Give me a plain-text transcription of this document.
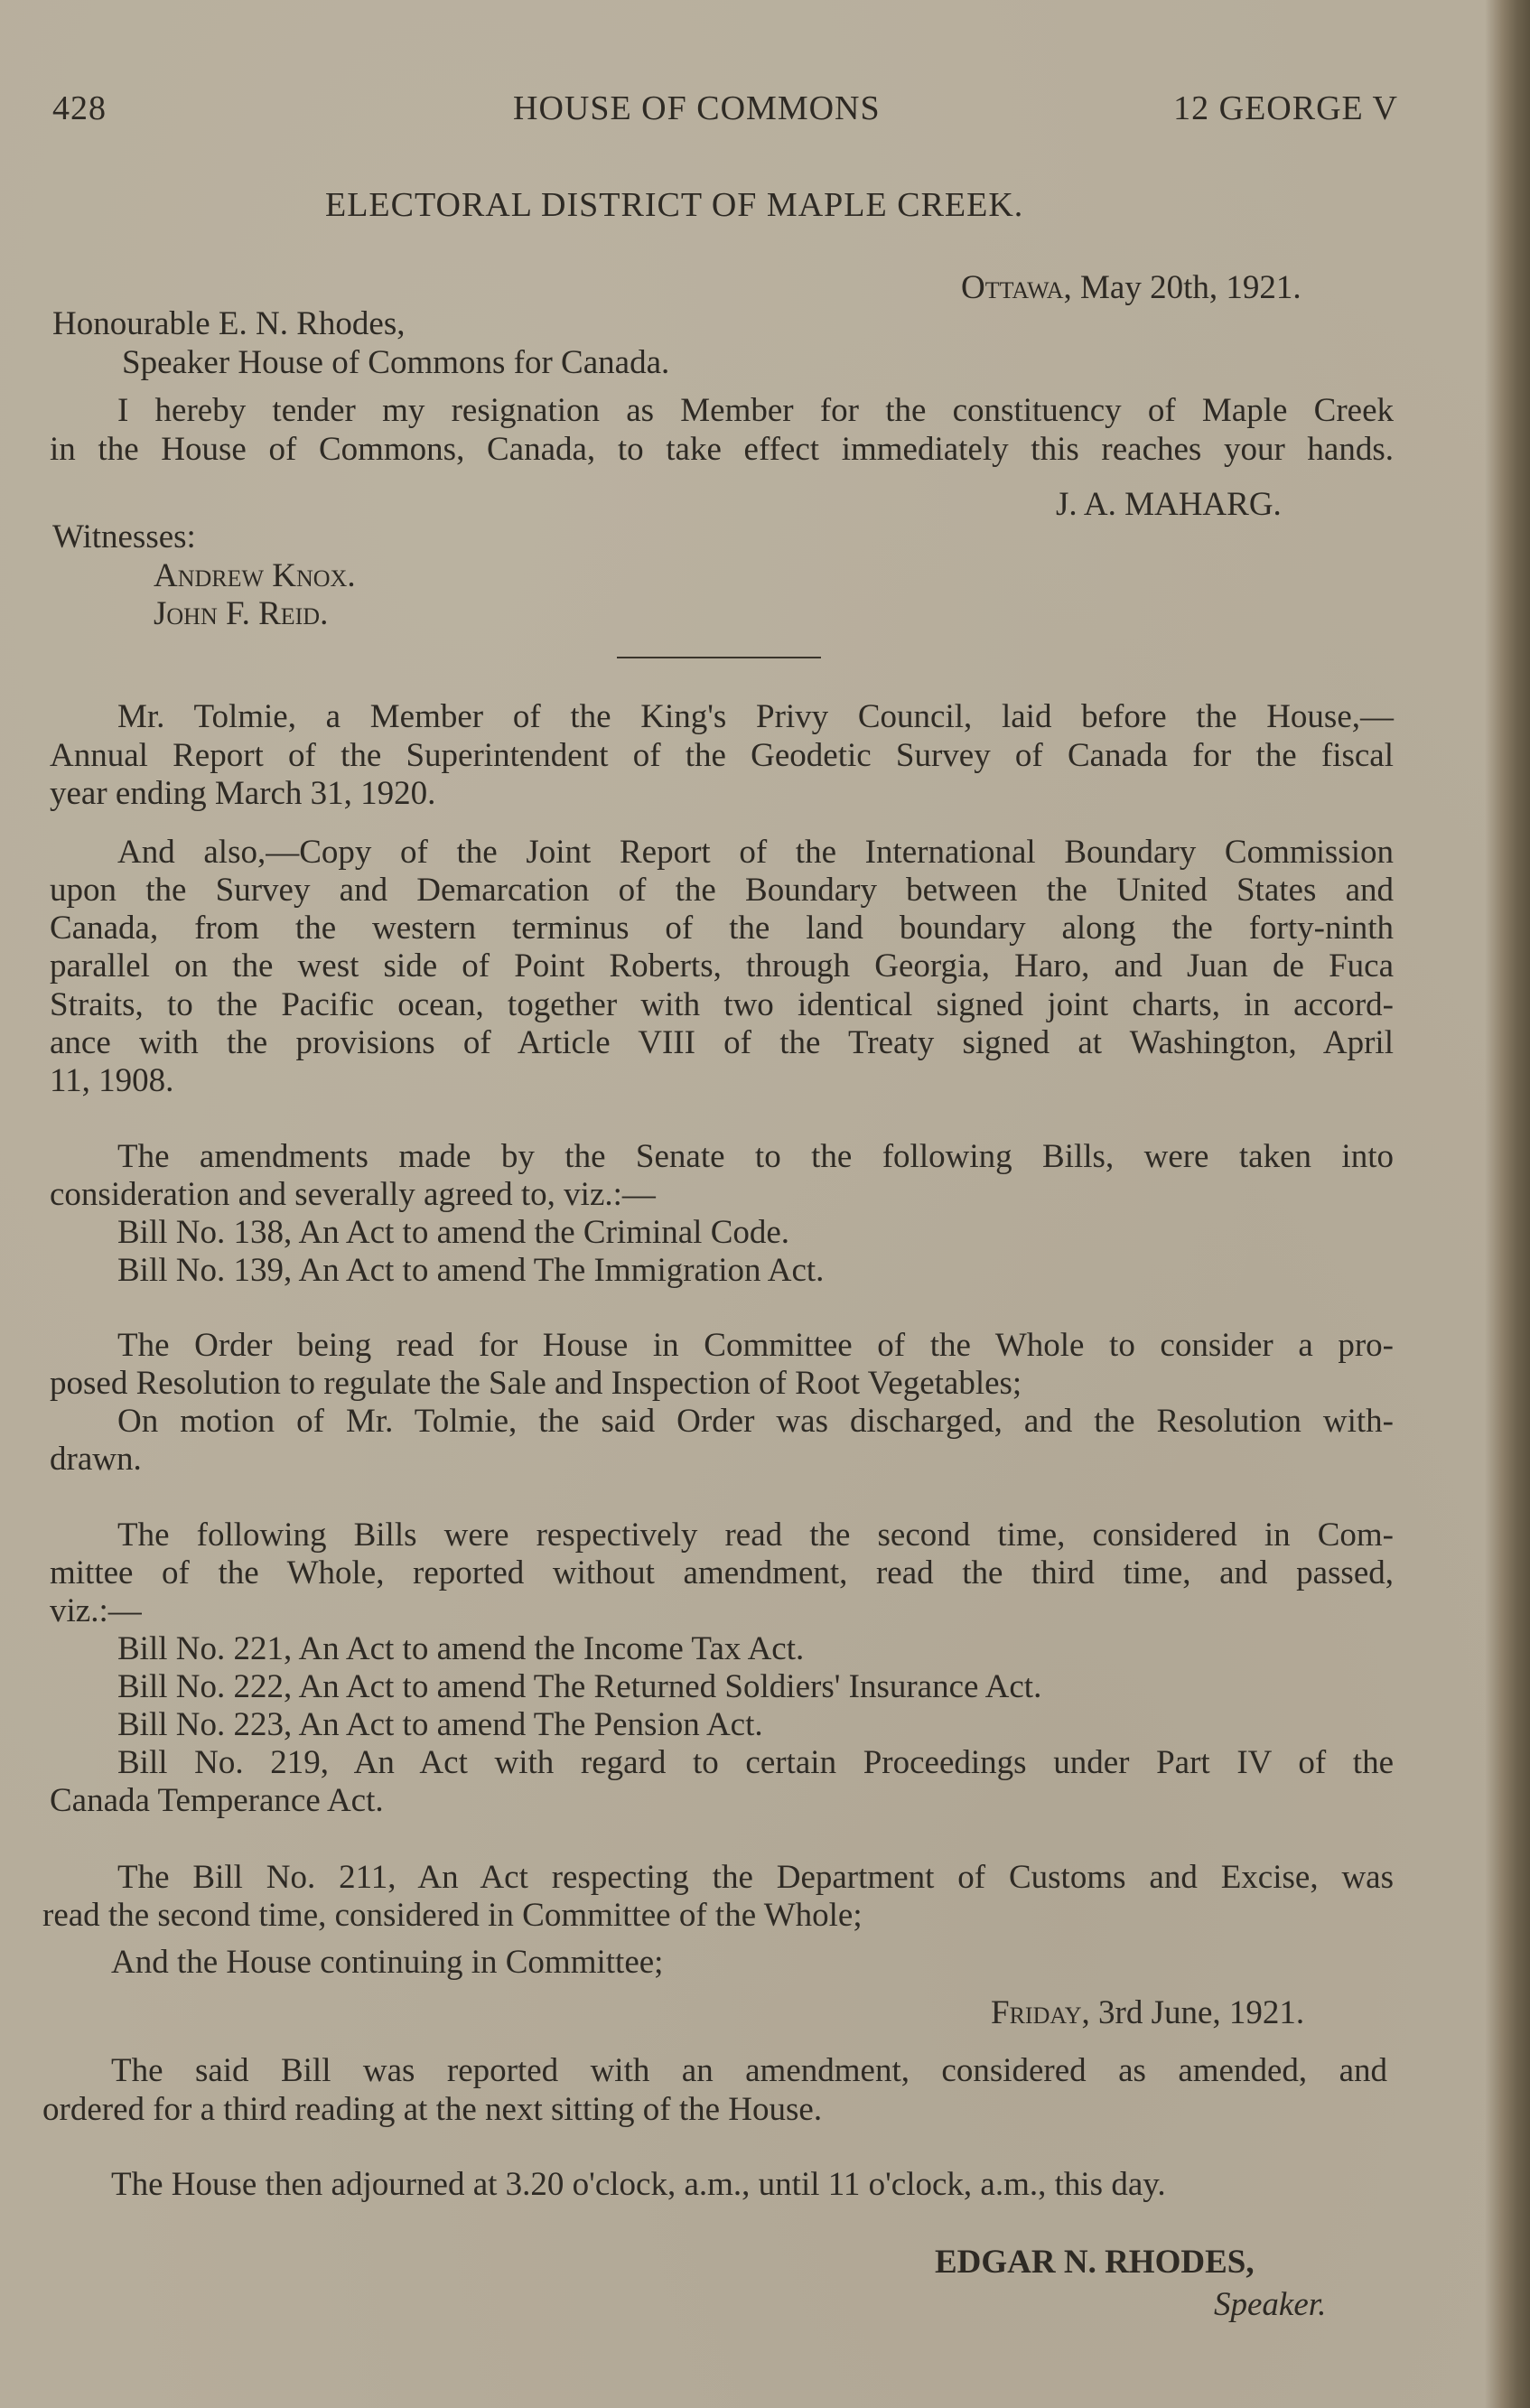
428	HOUSE OF COMMONS	12 GEORGE V
ELECTORAL DISTRICT OF MAPLE CREEK.
Ottawa, May 20th, 1921.
Honourable E. N. Rhodes,
Speaker House of Commons for Canada.
I hereby tender my resignation as Member for the constituency of Maple Creek
in the House of Commons, Canada, to take effect immediately this reaches your hands.
J. A. MAHARG.
Witnesses:
Andrew Knox.
John F. Reid.
Mr. Tolmie, a Member of the King's Privy Council, laid before the House,—
Annual Report of the Superintendent of the Geodetic Survey of Canada for the fiscal
year ending March 31, 1920.
And also,—Copy of the Joint Report of the International Boundary Commission
upon the Survey and Demarcation of the Boundary between the United States and
Canada, from the western terminus of the land boundary along the forty-ninth
parallel on the west side of Point Roberts, through Georgia, Haro, and Juan de Fuca
Straits, to the Pacific ocean, together with two identical signed joint charts, in accord-
ance with the provisions of Article VIII of the Treaty signed at Washington, April
11, 1908.
The amendments made by the Senate to the following Bills, were taken into
consideration and severally agreed to, viz.:—
Bill No. 138, An Act to amend the Criminal Code.
Bill No. 139, An Act to amend The Immigration Act.
The Order being read for House in Committee of the Whole to consider a pro-
posed Resolution to regulate the Sale and Inspection of Root Vegetables;
On motion of Mr. Tolmie, the said Order was discharged, and the Resolution with-
drawn.
The following Bills were respectively read the second time, considered in Com-
mittee of the Whole, reported without amendment, read the third time, and passed,
viz.:—
Bill No. 221, An Act to amend the Income Tax Act.
Bill No. 222, An Act to amend The Returned Soldiers' Insurance Act.
Bill No. 223, An Act to amend The Pension Act.
Bill No. 219, An Act with regard to certain Proceedings under Part IV of the
Canada Temperance Act.
The Bill No. 211, An Act respecting the Department of Customs and Excise, was
read the second time, considered in Committee of the Whole;
And the House continuing in Committee;
Friday, 3rd June, 1921.
The said Bill was reported with an amendment, considered as amended, and
ordered for a third reading at the next sitting of the House.
The House then adjourned at 3.20 o'clock, a.m., until 11 o'clock, a.m., this day.
EDGAR N. RHODES,
Speaker.
